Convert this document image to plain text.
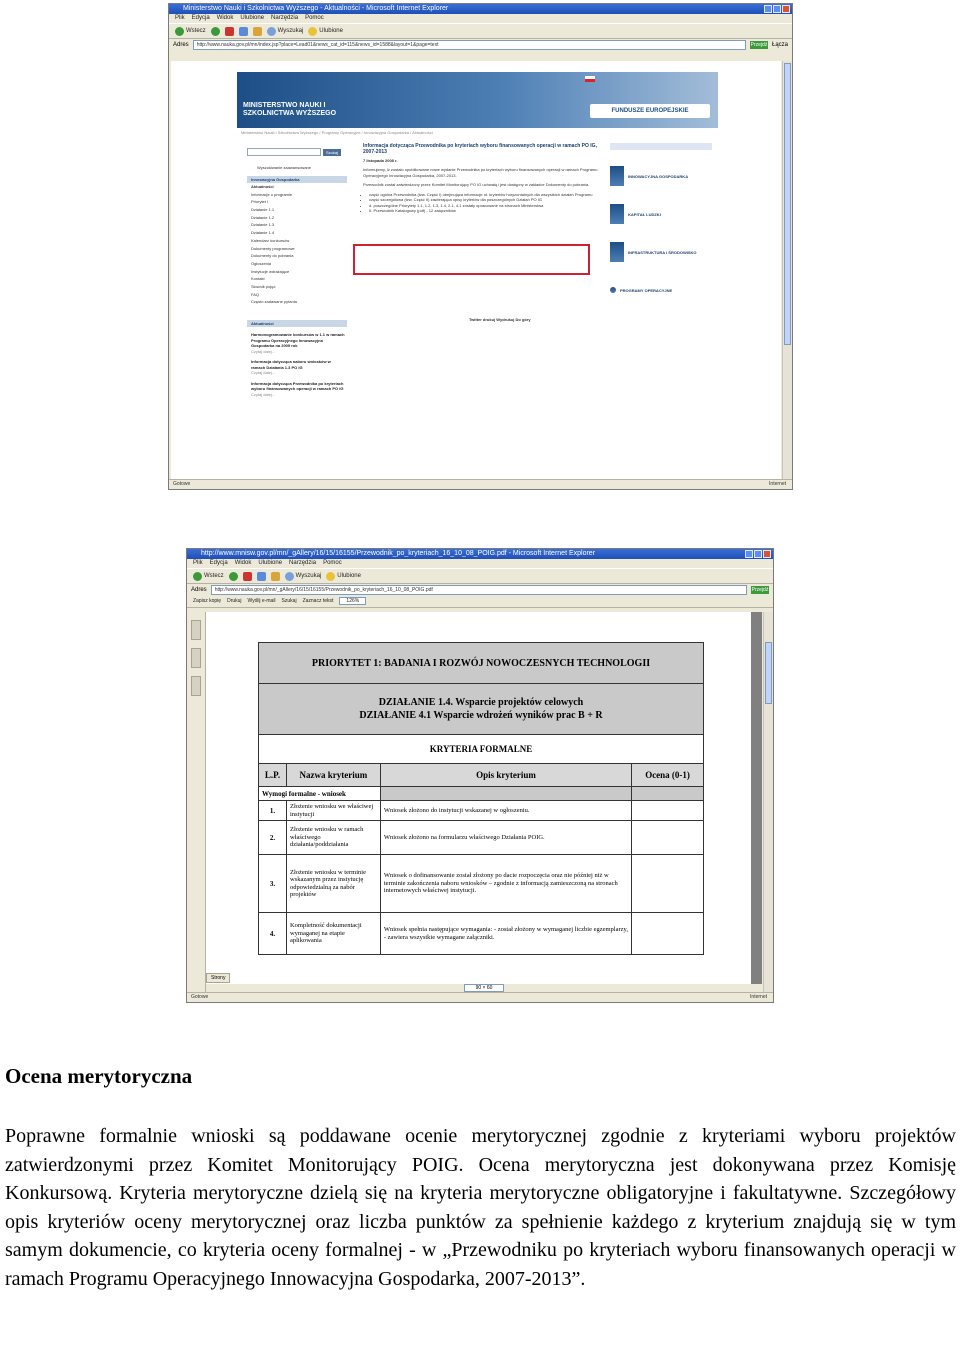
Ministerstwo Nauki i Szkolnictwa Wyższego - Aktualności - Microsoft Internet Explorer
Plik Edycja Widok Ulubione Narzędzia Pomoc
Wstecz	Wyszukaj	Ulubione
Adres	http://www.nauka.gov.pl/mn/index.jsp?place=Lead01&news_cat_id=115&news_id=1588&layout=1&page=text	Przejdź Łącza
MINISTERSTWO NAUKI I SZKOLNICTWA WYŻSZEGO	FUNDUSZE EUROPEJSKIE
Ministerstwo Nauki i Szkolnictwa Wyższego / Programy Operacyjne / Innowacyjna Gospodarka / Aktualności
Szukaj
Wyszukiwanie zaawansowane
Innowacyjna Gospodarka
Aktualności
Informacje o programie
Priorytet I
Działanie 1.1
Działanie 1.2
Działanie 1.3
Działanie 1.4
Kalendarz konkursów
Dokumenty programowe
Dokumenty do pobrania
Ogłoszenia
Instytucje wdrażające
Kontakt
Słownik pojęć
FAQ
Często zadawane pytania
Aktualności
Harmonogramowanie konkursów w 1.1 w ramach Programu Operacyjnego Innowacyjna Gospodarka na 2009 rok
Czytaj dalej...
Informacja dotycząca naboru wniosków w ramach Działania 1.3 PO IG
Czytaj dalej...
Informacja dotycząca Przewodnika po kryteriach wyboru finansowanych operacji w ramach PO IG
Czytaj dalej...
Informacja dotycząca Przewodnika po kryteriach wyboru finansowanych operacji w ramach PO IG, 2007-2013
7 listopada 2008 r.

Informujemy, iż zostało opublikowane nowe wydanie Przewodnika po kryteriach wyboru finansowanych operacji w ramach Programu Operacyjnego Innowacyjna Gospodarka, 2007-2013.

Przewodnik został zatwierdzony przez Komitet Monitorujący PO IG uchwałą i jest dostępny w zakładce Dokumenty do pobrania.

• część ogólna Przewodnika (tzw. Część I) obejmująca informacje nt. kryteriów horyzontalnych dla wszystkich działań Programu
• część szczegółowa (tzw. Część II) zawierająca opisy kryteriów dla poszczególnych Działań PO IG
• d. poszczególne Priorytety 1.1, 1.2, 1.3, 1.4, 2.1, 4.1 zostały opracowane na stronach Ministerstwa
• II. Przewodnik Katalogowy (pdf) - 12 załączników
Twitter drukuj Wydrukuj Do góry
INNOWACYJNA GOSPODARKA
KAPITAŁ LUDZKI
INFRASTRUKTURA I ŚRODOWISKO
PROGRAMY OPERACYJNE
Gotowe	Internet
http://www.mnisw.gov.pl/mn/_gAllery/16/15/16155/Przewodnik_po_kryteriach_16_10_08_POIG.pdf - Microsoft Internet Explorer
Plik Edycja Widok Ulubione Narzędzia Pomoc
Wstecz	Wyszukaj	Ulubione
Adres	http://www.nauka.gov.pl/mn/_gAllery/16/15/16155/Przewodnik_po_kryteriach_16_10_08_POIG.pdf	Przejdź
Zapisz kopię Drukuj Wyślij e-mail Szukaj Zaznacz tekst	126%
PRIORYTET 1: BADANIA I ROZWÓJ NOWOCZESNYCH TECHNOLOGII			
DZIAŁANIE 1.4. Wsparcie projektów celowych
DZIAŁANIE 4.1 Wsparcie wdrożeń wyników prac B + R			
KRYTERIA FORMALNE			
L.P.	Nazwa kryterium	Opis kryterium	Ocena (0-1)
Wymogi formalne - wniosek			
1.	Złożenie wniosku we właściwej instytucji	Wniosek złożono do instytucji wskazanej w ogłoszeniu.	
2.	Złożenie wniosku w ramach właściwego działania/poddziałania	Wniosek złożono na formularzu właściwego Działania POIG.	
3.	Złożenie wniosku w terminie wskazanym przez instytucję odpowiedzialną za nabór projektów	Wniosek o dofinansowanie został złożony po dacie rozpoczęcia oraz nie później niż w terminie zakończenia naboru wniosków – zgodnie z informacją zamieszczoną na stronach internetowych właściwej instytucji.	
4.	Kompletność dokumentacji wymaganej na etapie aplikowania	Wniosek spełnia następujące wymagania: - został złożony w wymaganej liczbie egzemplarzy, - zawiera wszystkie wymagane załączniki.	
Strony
90 × 60
Gotowe	Internet
Ocena merytoryczna
Poprawne formalnie wnioski są poddawane ocenie merytorycznej zgodnie z kryteriami wyboru projektów zatwierdzonymi przez Komitet Monitorujący POIG. Ocena merytoryczna jest dokonywana przez Komisję Konkursową. Kryteria merytoryczne dzielą się na kryteria merytoryczne obligatoryjne i fakultatywne. Szczegółowy opis kryteriów oceny merytorycznej oraz liczba punktów za spełnienie każdego z kryterium znajdują się w tym samym dokumencie, co kryteria oceny formalnej - w „Przewodniku po kryteriach wyboru finansowanych operacji w ramach Programu Operacyjnego Innowacyjna Gospodarka, 2007-2013”.
